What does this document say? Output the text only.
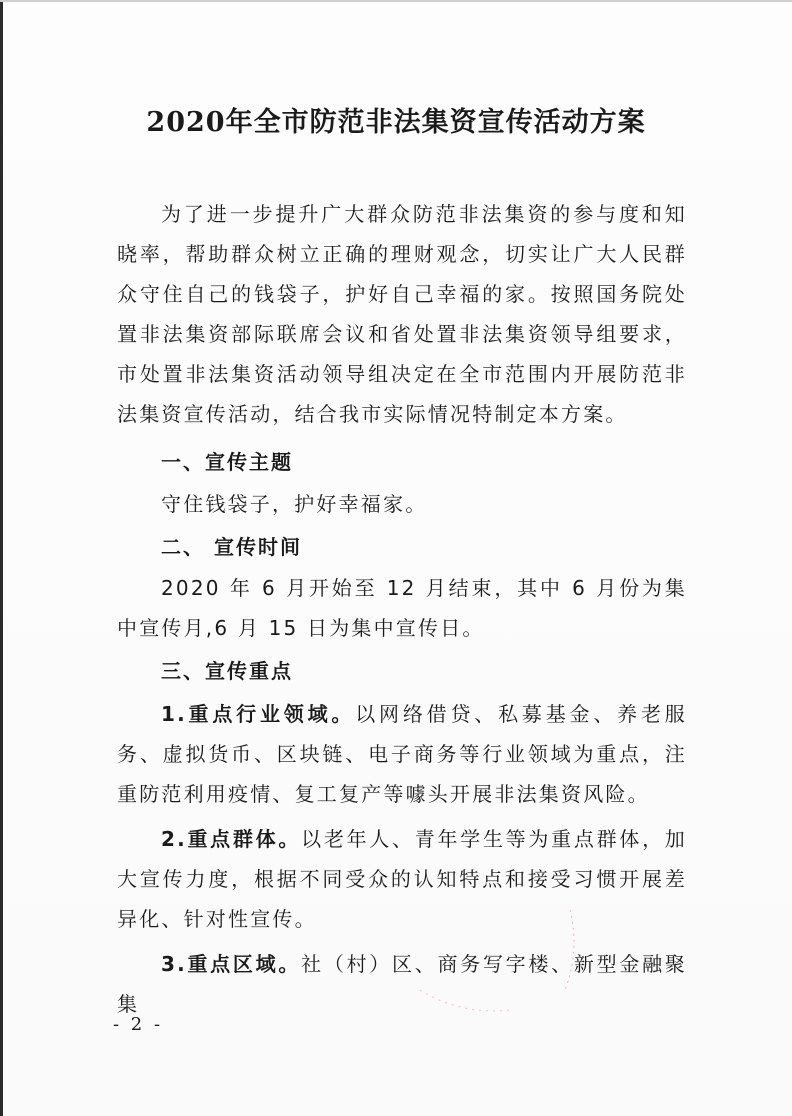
2020年全市防范非法集资宣传活动方案
为了进一步提升广大群众防范非法集资的参与度和知晓率，帮助群众树立正确的理财观念，切实让广大人民群众守住自己的钱袋子，护好自己幸福的家。按照国务院处置非法集资部际联席会议和省处置非法集资领导组要求，市处置非法集资活动领导组决定在全市范围内开展防范非法集资宣传活动，结合我市实际情况特制定本方案。
一、宣传主题
守住钱袋子，护好幸福家。
二、 宣传时间
2020 年 6 月开始至 12 月结束，其中 6 月份为集中宣传月,6 月 15 日为集中宣传日。
三、宣传重点
1.重点行业领域。以网络借贷、私募基金、养老服务、虚拟货币、区块链、电子商务等行业领域为重点，注重防范利用疫情、复工复产等噱头开展非法集资风险。
2.重点群体。以老年人、青年学生等为重点群体，加大宣传力度，根据不同受众的认知特点和接受习惯开展差异化、针对性宣传。
3.重点区域。社（村）区、商务写字楼、新型金融聚集
- 2 -
